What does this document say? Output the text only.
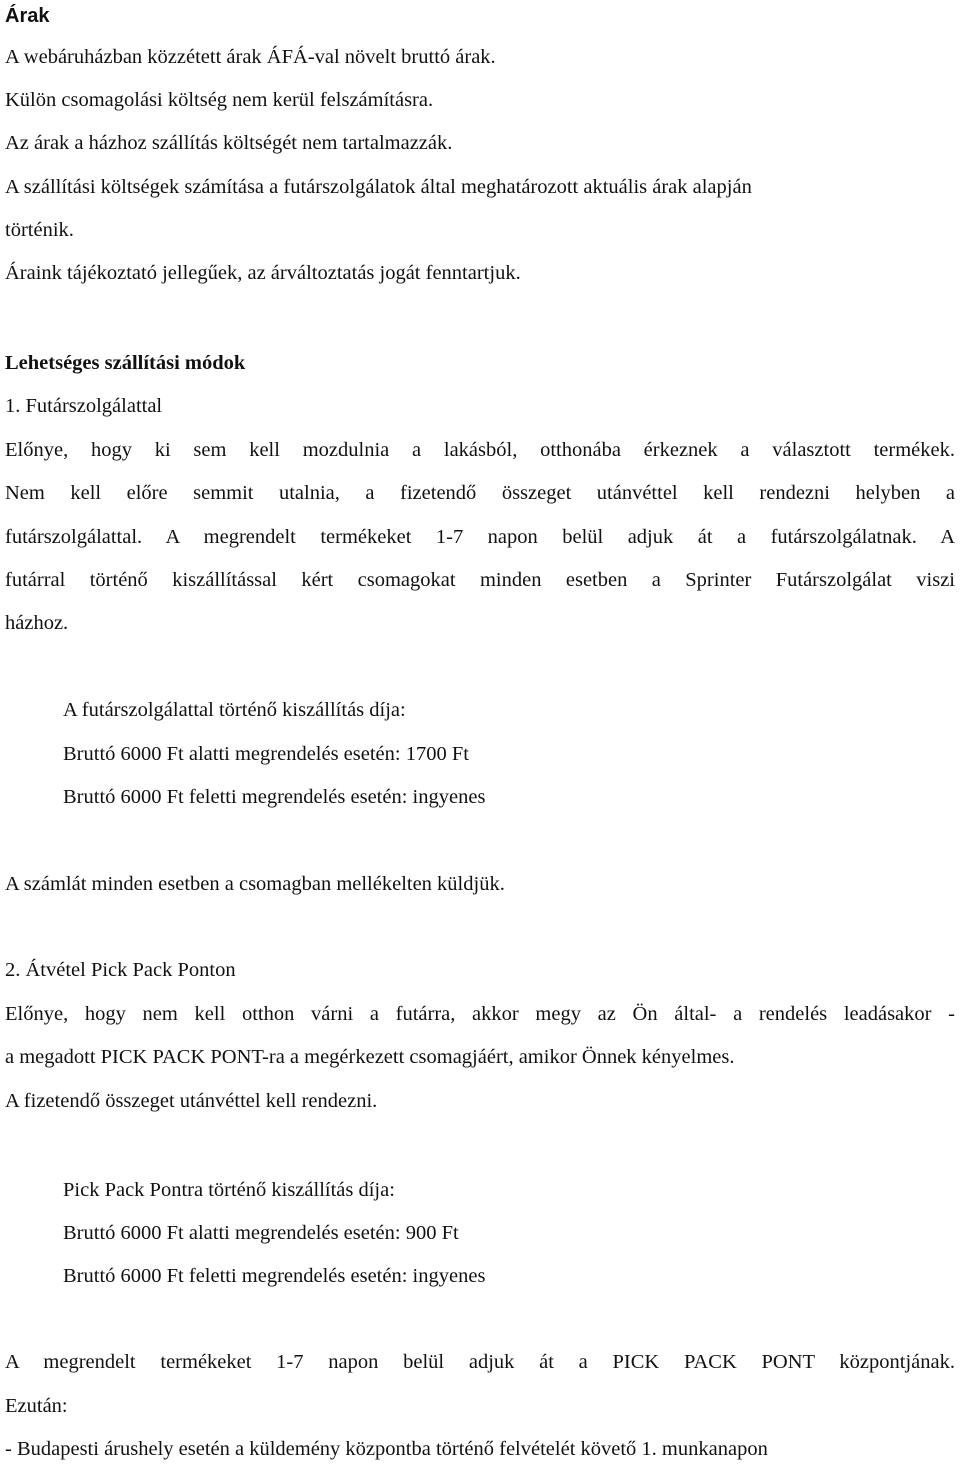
Árak
A webáruházban közzétett árak ÁFÁ-val növelt bruttó árak.
Külön csomagolási költség nem kerül felszámításra.
Az árak a házhoz szállítás költségét nem tartalmazzák.
A szállítási költségek számítása a futárszolgálatok által meghatározott aktuális árak alapján
történik.
Áraink tájékoztató jellegűek, az árváltoztatás jogát fenntartjuk.
Lehetséges szállítási módok
1. Futárszolgálattal
Előnye, hogy ki sem kell mozdulnia a lakásból, otthonába érkeznek a választott termékek.
Nem kell előre semmit utalnia, a fizetendő összeget utánvéttel kell rendezni helyben a
futárszolgálattal. A megrendelt termékeket 1-7 napon belül adjuk át a futárszolgálatnak. A
futárral történő kiszállítással kért csomagokat minden esetben a Sprinter Futárszolgálat viszi
házhoz.
A futárszolgálattal történő kiszállítás díja:
Bruttó 6000 Ft alatti megrendelés esetén: 1700 Ft
Bruttó 6000 Ft feletti megrendelés esetén: ingyenes
A számlát minden esetben a csomagban mellékelten küldjük.
2. Átvétel Pick Pack Ponton
Előnye, hogy nem kell otthon várni a futárra, akkor megy az Ön által- a rendelés leadásakor -
a megadott PICK PACK PONT-ra a megérkezett csomagjáért, amikor Önnek kényelmes.
A fizetendő összeget utánvéttel kell rendezni.
Pick Pack Pontra történő kiszállítás díja:
Bruttó 6000 Ft alatti megrendelés esetén: 900 Ft
Bruttó 6000 Ft feletti megrendelés esetén: ingyenes
A megrendelt termékeket 1-7 napon belül adjuk át a PICK PACK PONT központjának.
Ezután:
- Budapesti árushely esetén a küldemény központba történő felvételét követő 1. munkanapon
